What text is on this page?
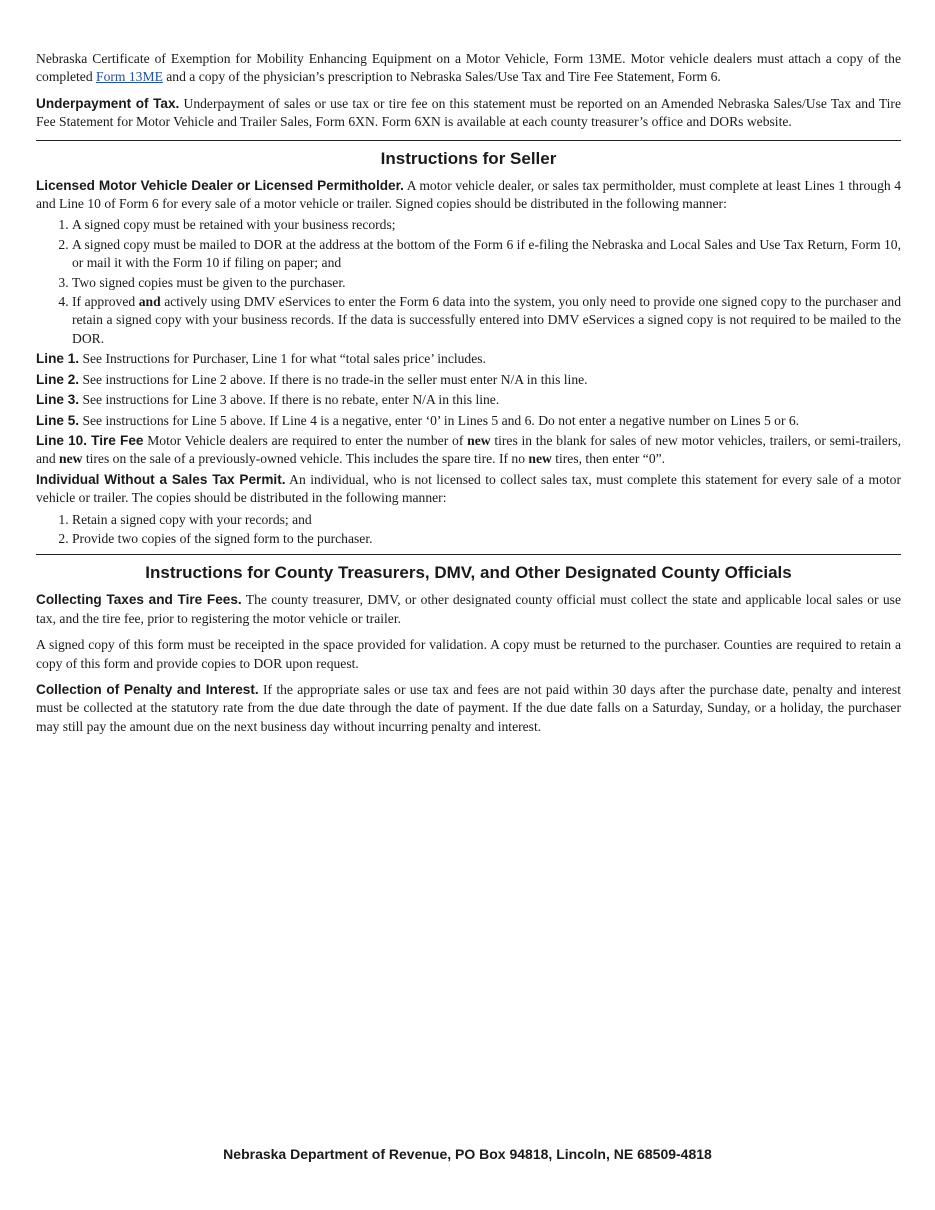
Nebraska Certificate of Exemption for Mobility Enhancing Equipment on a Motor Vehicle, Form 13ME. Motor vehicle dealers must attach a copy of the completed Form 13ME and a copy of the physician’s prescription to Nebraska Sales/Use Tax and Tire Fee Statement, Form 6.

Underpayment of Tax. Underpayment of sales or use tax or tire fee on this statement must be reported on an Amended Nebraska Sales/Use Tax and Tire Fee Statement for Motor Vehicle and Trailer Sales, Form 6XN. Form 6XN is available at each county treasurer’s office and DORs website.

Instructions for Seller

Licensed Motor Vehicle Dealer or Licensed Permitholder. A motor vehicle dealer, or sales tax permitholder, must complete at least Lines 1 through 4 and Line 10 of Form 6 for every sale of a motor vehicle or trailer. Signed copies should be distributed in the following manner:

1. A signed copy must be retained with your business records;
2. A signed copy must be mailed to DOR at the address at the bottom of the Form 6 if e-filing the Nebraska and Local Sales and Use Tax Return, Form 10, or mail it with the Form 10 if filing on paper; and
3. Two signed copies must be given to the purchaser.
4. If approved and actively using DMV eServices to enter the Form 6 data into the system, you only need to provide one signed copy to the purchaser and retain a signed copy with your business records. If the data is successfully entered into DMV eServices a signed copy is not required to be mailed to the DOR.
Line 1. See Instructions for Purchaser, Line 1 for what “total sales price’ includes.
Line 2. See instructions for Line 2 above. If there is no trade-in the seller must enter N/A in this line.
Line 3. See instructions for Line 3 above. If there is no rebate, enter N/A in this line.
Line 5. See instructions for Line 5 above. If Line 4 is a negative, enter ‘0’ in Lines 5 and 6. Do not enter a negative number on Lines 5 or 6.
Line 10. Tire Fee Motor Vehicle dealers are required to enter the number of new tires in the blank for sales of new motor vehicles, trailers, or semi-trailers, and new tires on the sale of a previously-owned vehicle. This includes the spare tire. If no new tires, then enter “0”.

Individual Without a Sales Tax Permit. An individual, who is not licensed to collect sales tax, must complete this statement for every sale of a motor vehicle or trailer. The copies should be distributed in the following manner:

1. Retain a signed copy with your records; and
2. Provide two copies of the signed form to the purchaser.
Instructions for County Treasurers, DMV, and Other Designated County Officials

Collecting Taxes and Tire Fees. The county treasurer, DMV, or other designated county official must collect the state and applicable local sales or use tax, and the tire fee, prior to registering the motor vehicle or trailer.

A signed copy of this form must be receipted in the space provided for validation. A copy must be returned to the purchaser. Counties are required to retain a copy of this form and provide copies to DOR upon request.

Collection of Penalty and Interest. If the appropriate sales or use tax and fees are not paid within 30 days after the purchase date, penalty and interest must be collected at the statutory rate from the due date through the date of payment. If the due date falls on a Saturday, Sunday, or a holiday, the purchaser may still pay the amount due on the next business day without incurring penalty and interest.

Nebraska Department of Revenue, PO Box 94818, Lincoln, NE 68509-4818
